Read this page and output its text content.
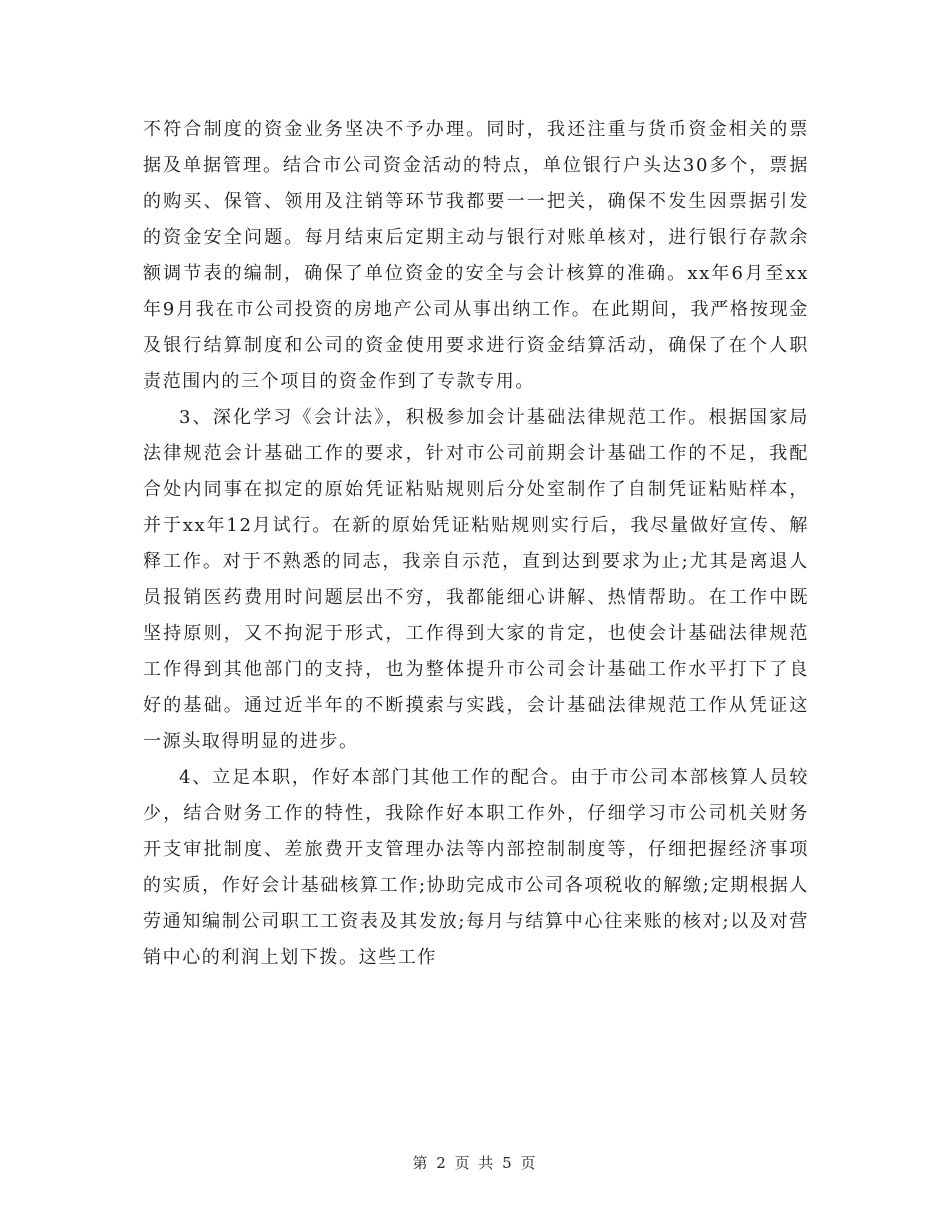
不符合制度的资金业务坚决不予办理。同时，我还注重与货币资金相关的票据及单据管理。结合市公司资金活动的特点，单位银行户头达30多个，票据的购买、保管、领用及注销等环节我都要一一把关，确保不发生因票据引发的资金安全问题。每月结束后定期主动与银行对账单核对，进行银行存款余额调节表的编制，确保了单位资金的安全与会计核算的准确。xx年6月至xx年9月我在市公司投资的房地产公司从事出纳工作。在此期间，我严格按现金及银行结算制度和公司的资金使用要求进行资金结算活动，确保了在个人职责范围内的三个项目的资金作到了专款专用。

3、深化学习《会计法》，积极参加会计基础法律规范工作。根据国家局法律规范会计基础工作的要求，针对市公司前期会计基础工作的不足，我配合处内同事在拟定的原始凭证粘贴规则后分处室制作了自制凭证粘贴样本，并于xx年12月试行。在新的原始凭证粘贴规则实行后，我尽量做好宣传、解释工作。对于不熟悉的同志，我亲自示范，直到达到要求为止;尤其是离退人员报销医药费用时问题层出不穷，我都能细心讲解、热情帮助。在工作中既坚持原则，又不拘泥于形式，工作得到大家的肯定，也使会计基础法律规范工作得到其他部门的支持，也为整体提升市公司会计基础工作水平打下了良好的基础。通过近半年的不断摸索与实践，会计基础法律规范工作从凭证这一源头取得明显的进步。

4、立足本职，作好本部门其他工作的配合。由于市公司本部核算人员较少，结合财务工作的特性，我除作好本职工作外，仔细学习市公司机关财务开支审批制度、差旅费开支管理办法等内部控制制度等，仔细把握经济事项的实质，作好会计基础核算工作;协助完成市公司各项税收的解缴;定期根据人劳通知编制公司职工工资表及其发放;每月与结算中心往来账的核对;以及对营销中心的利润上划下拨。这些工作

第 2 页 共 5 页
